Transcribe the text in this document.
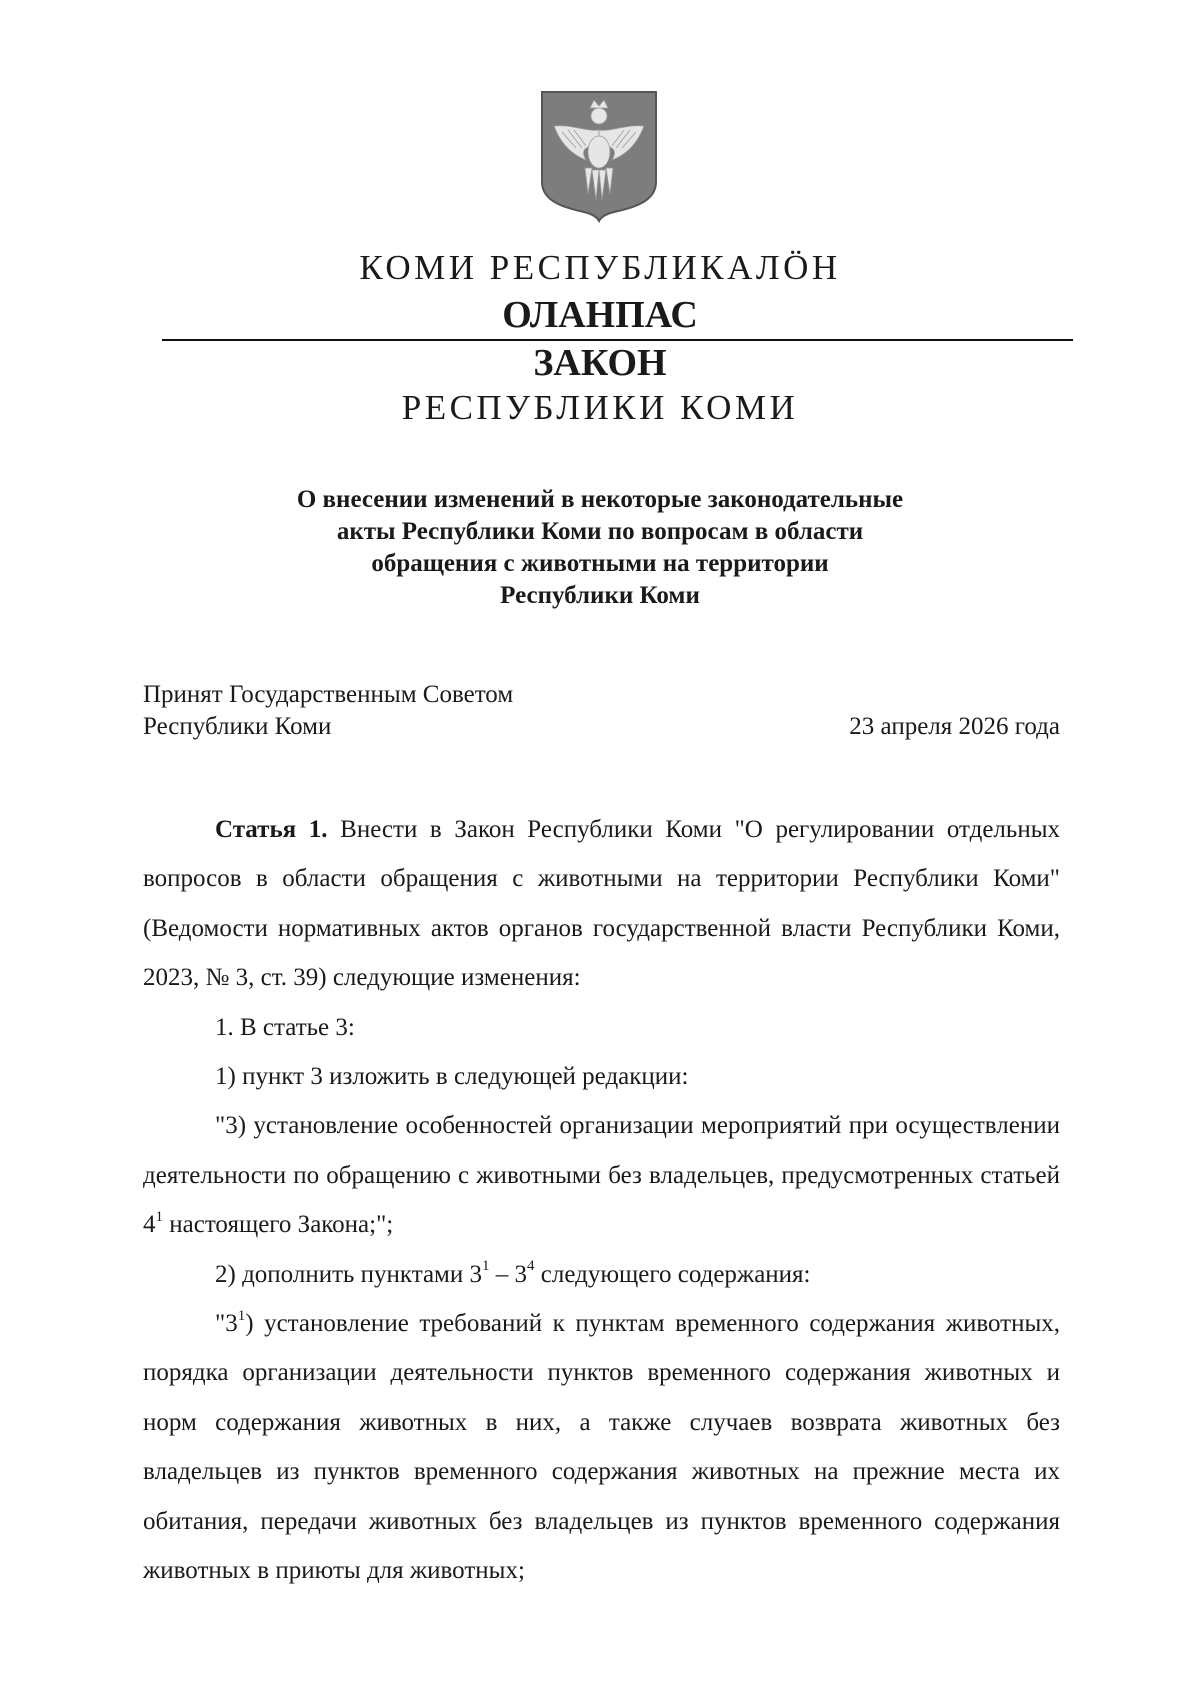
КОМИ РЕСПУБЛИКАЛӦН
ОЛАНПАС
ЗАКОН
РЕСПУБЛИКИ КОМИ
О внесении изменений в некоторые законодательные
акты Республики Коми по вопросам в области
обращения с животными на территории
Республики Коми
Принят Государственным Советом
Республики Коми	23 апреля 2026 года

Статья 1. Внести в Закон Республики Коми "О регулировании отдельных вопросов в области обращения с животными на территории Республики Коми" (Ведомости нормативных актов органов государственной власти Республики Коми, 2023, № 3, ст. 39) следующие изменения:

1. В статье 3:

1) пункт 3 изложить в следующей редакции:

"3) установление особенностей организации мероприятий при осуществлении деятельности по обращению с животными без владельцев, предусмотренных статьей $4^1$ настоящего Закона;";

2) дополнить пунктами $3^1 - 3^4$ следующего содержания:

"$3^1$) установление требований к пунктам временного содержания животных, порядка организации деятельности пунктов временного содержания животных и норм содержания животных в них, а также случаев возврата животных без владельцев из пунктов временного содержания животных на прежние места их обитания, передачи животных без владельцев из пунктов временного содержания животных в приюты для животных;
